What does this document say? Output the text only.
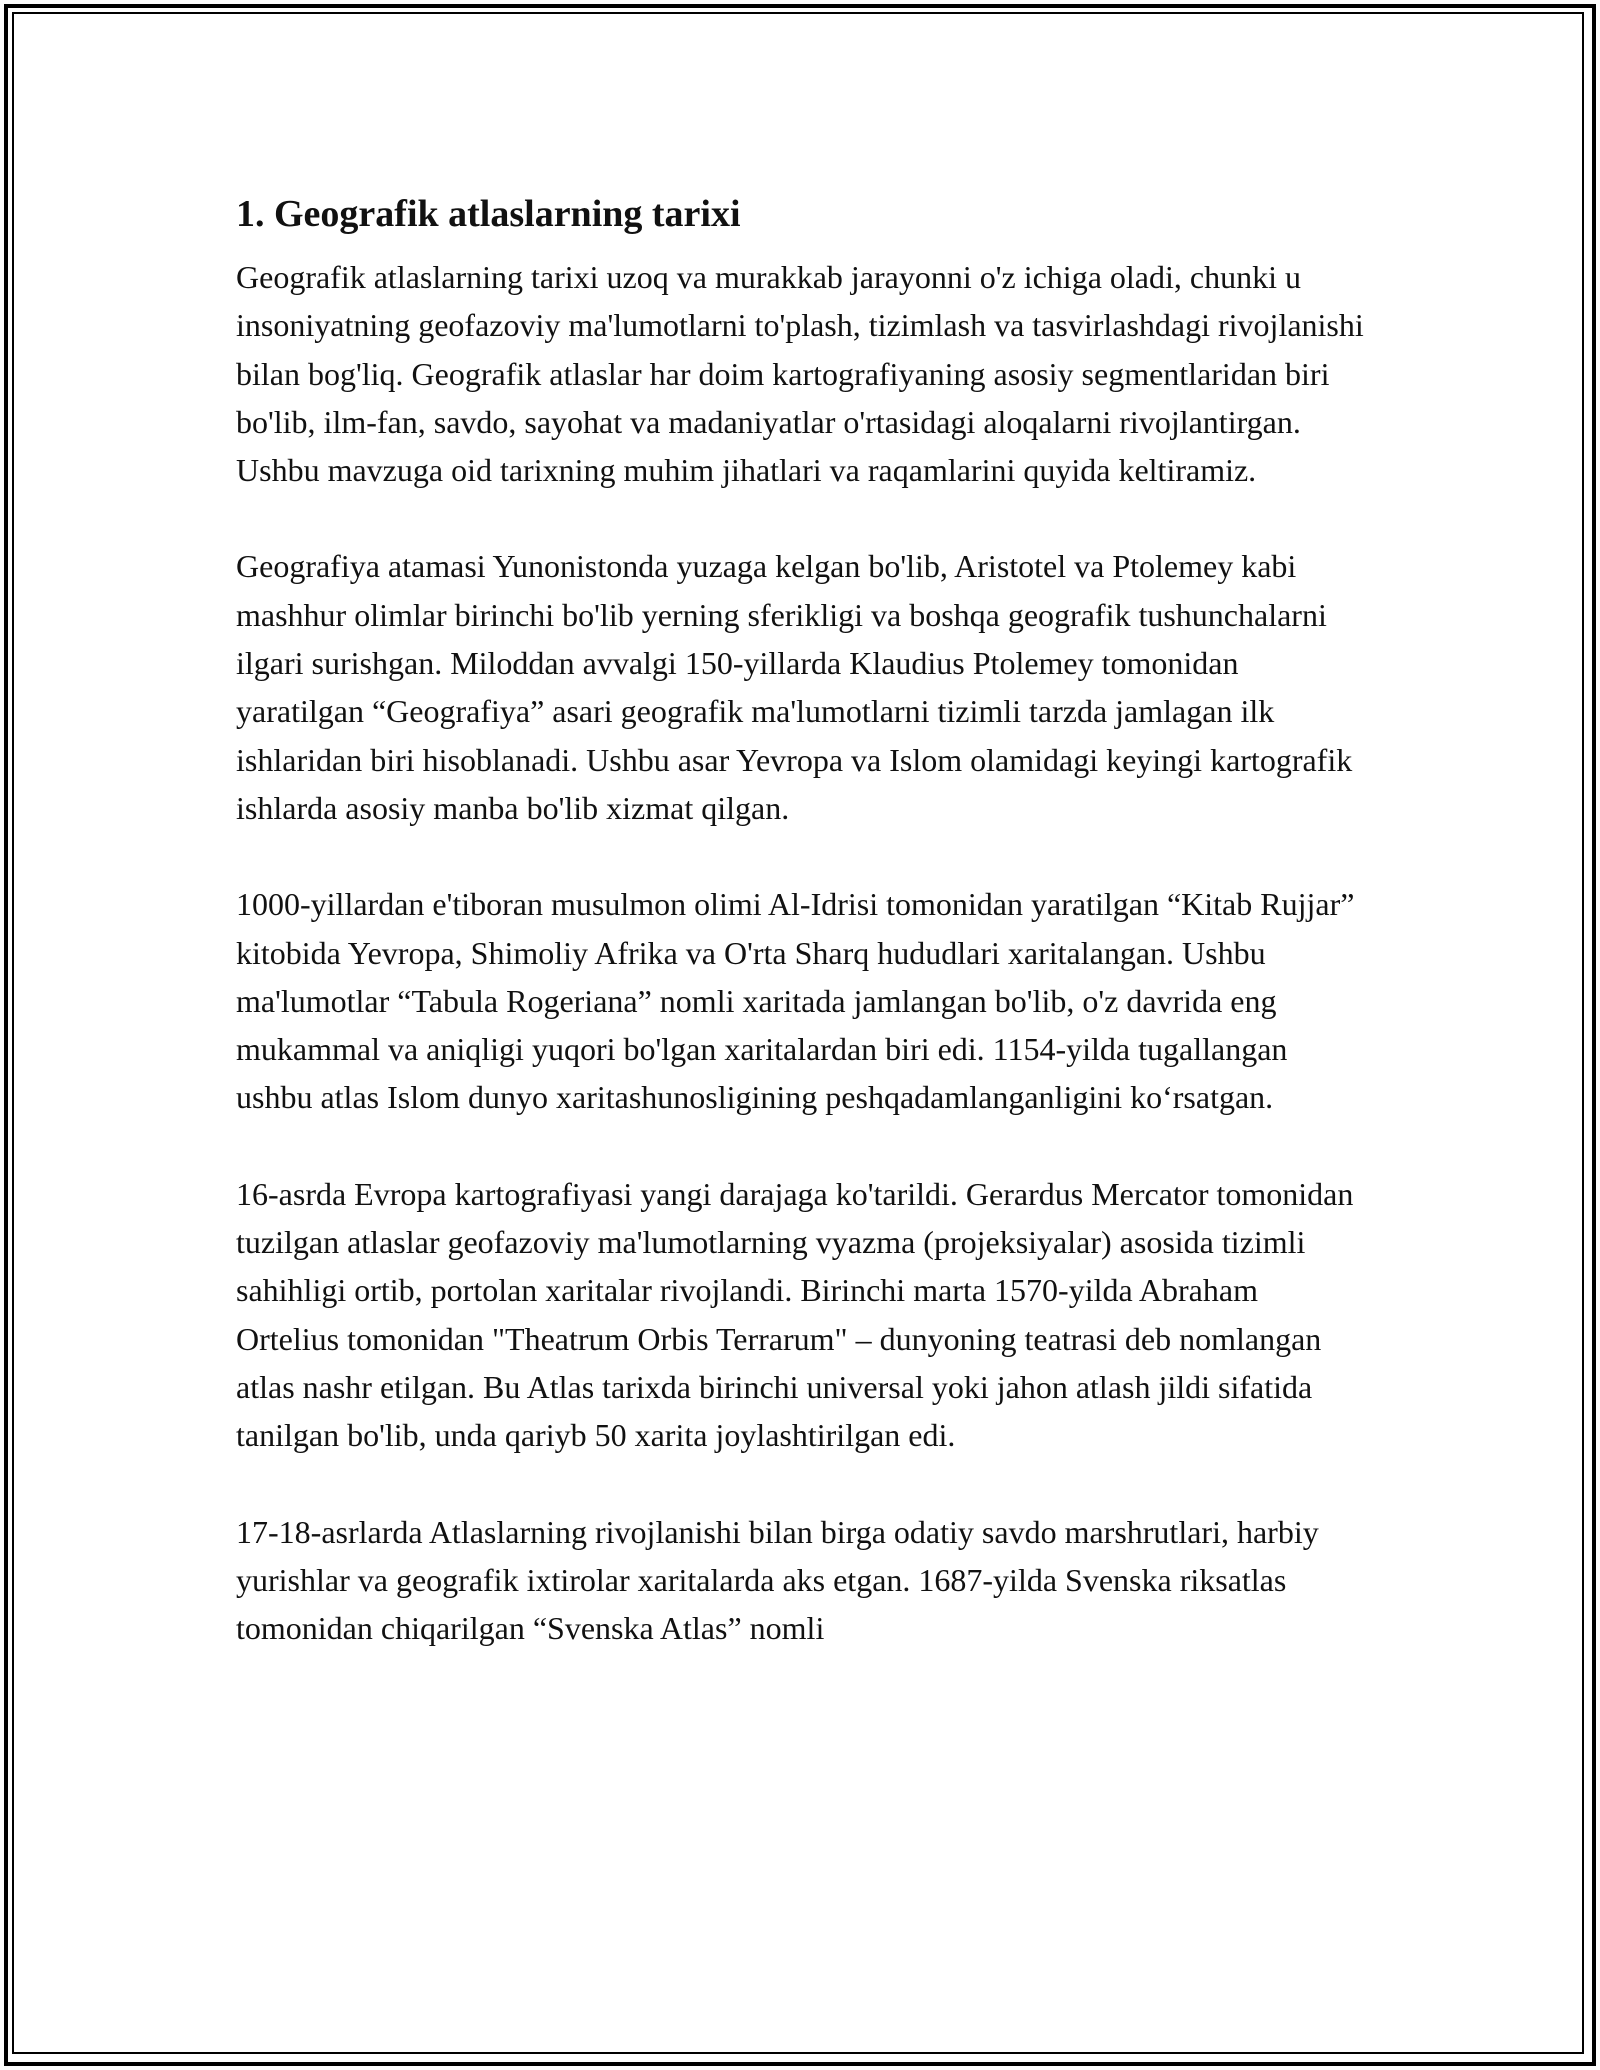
1. Geografik atlaslarning tarixi

Geografik atlaslarning tarixi uzoq va murakkab jarayonni o'z ichiga oladi, chunki u insoniyatning geofazoviy ma'lumotlarni to'plash, tizimlash va tasvirlashdagi rivojlanishi bilan bog'liq. Geografik atlaslar har doim kartografiyaning asosiy segmentlaridan biri bo'lib, ilm-fan, savdo, sayohat va madaniyatlar o'rtasidagi aloqalarni rivojlantirgan. Ushbu mavzuga oid tarixning muhim jihatlari va raqamlarini quyida keltiramiz.

Geografiya atamasi Yunonistonda yuzaga kelgan bo'lib, Aristotel va Ptolemey kabi mashhur olimlar birinchi bo'lib yerning sferikligi va boshqa geografik tushunchalarni ilgari surishgan. Miloddan avvalgi 150-yillarda Klaudius Ptolemey tomonidan yaratilgan “Geografiya” asari geografik ma'lumotlarni tizimli tarzda jamlagan ilk ishlaridan biri hisoblanadi. Ushbu asar Yevropa va Islom olamidagi keyingi kartografik ishlarda asosiy manba bo'lib xizmat qilgan.

1000-yillardan e'tiboran musulmon olimi Al-Idrisi tomonidan yaratilgan “Kitab Rujjar” kitobida Yevropa, Shimoliy Afrika va O'rta Sharq hududlari xaritalangan. Ushbu ma'lumotlar “Tabula Rogeriana” nomli xaritada jamlangan bo'lib, o'z davrida eng mukammal va aniqligi yuqori bo'lgan xaritalardan biri edi. 1154-yilda tugallangan ushbu atlas Islom dunyo xaritashunosligining peshqadamlanganligini koʻrsatgan.

16-asrda Evropa kartografiyasi yangi darajaga ko'tarildi. Gerardus Mercator tomonidan tuzilgan atlaslar geofazoviy ma'lumotlarning vyazma (projeksiyalar) asosida tizimli sahihligi ortib, portolan xaritalar rivojlandi. Birinchi marta 1570-yilda Abraham Ortelius tomonidan "Theatrum Orbis Terrarum" – dunyoning teatrasi deb nomlangan atlas nashr etilgan. Bu Atlas tarixda birinchi universal yoki jahon atlash jildi sifatida tanilgan bo'lib, unda qariyb 50 xarita joylashtirilgan edi.

17-18-asrlarda Atlaslarning rivojlanishi bilan birga odatiy savdo marshrutlari, harbiy yurishlar va geografik ixtirolar xaritalarda aks etgan. 1687-yilda Svenska riksatlas tomonidan chiqarilgan “Svenska Atlas” nomli
